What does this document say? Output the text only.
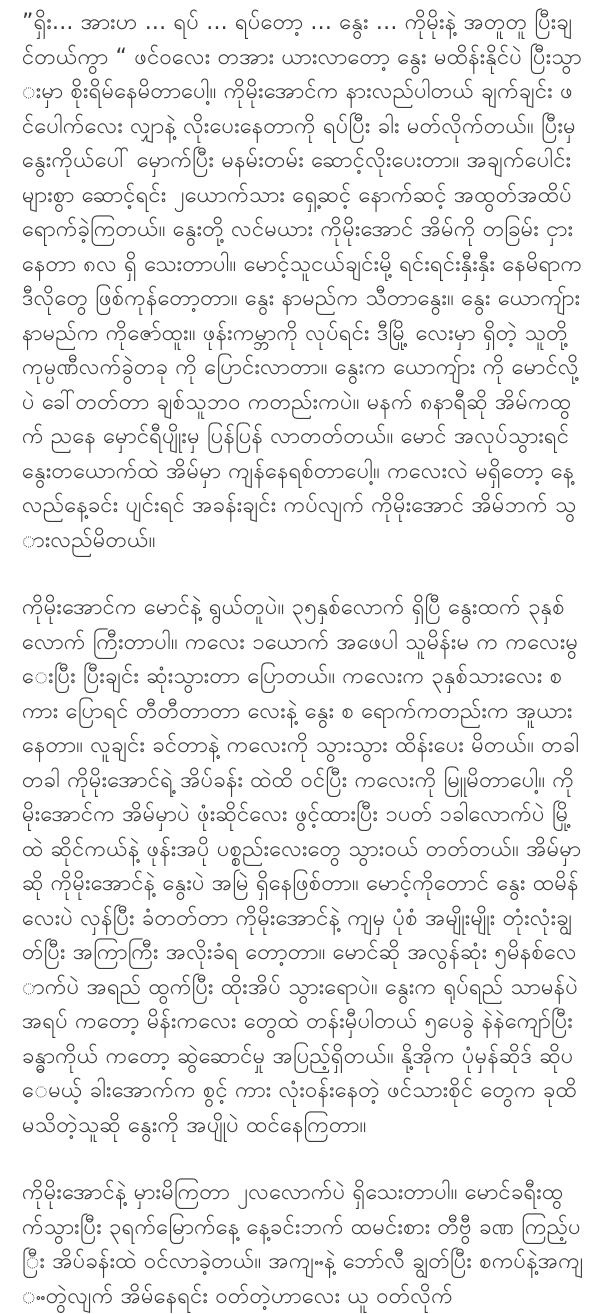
”ရှိး... အားဟ ... ရပ် ... ရပ်တော့ ... နွေး ... ကိုမိုးနဲ့ အတူတူ ပြီးချင်တယ်ကွာ “ ဖင်ဝလေး တအား ယားလာတော့ နွေး မထိန်းနိုင်ပဲ ပြီးသွားမှာ စိုးရိမ်နေမိတာပေါ့။ ကိုမိုးအောင်က နားလည်ပါတယ် ချက်ချင်း ဖင်ပေါက်လေး လျှာနဲ့ လိုးပေးနေတာကို ရပ်ပြီး ခါး မတ်လိုက်တယ်။ ပြီးမှ နွေးကိုယ်ပေါ် မှောက်ပြီး မနမ်းတမ်း ဆောင့်လိုးပေးတာ။ အချက်ပေါင်း များစွာ ဆောင့်ရင်း ၂ယောက်သား ရှေ့ဆင့် နောက်ဆင့် အထွတ်အထိပ် ရောက်ခဲ့ကြတယ်။ နွေးတို့ လင်မယား ကိုမိုးအောင် အိမ်ကို တခြမ်း ငှားနေတာ ၈လ ရှိ သေးတာပါ။ မောင့်သူငယ်ချင်းမို့ ရင်းရင်းနှီးနှီး နေမိရာက ဒီလိုတွေ ဖြစ်ကုန်တော့တာ။ နွေး နာမည်က သီတာနွေး။ နွေး ယောကျ်ား နာမည်က ကိုဇော်ထူး။ ဖုန်းကမ္ဘာကို လုပ်ရင်း ဒီမြို့ လေးမှာ ရှိတဲ့ သူတို့ ကုမ္ပဏီလက်ခွဲတခု ကို ပြောင်းလာတာ။ နွေးက ယောကျ်ား ကို မောင်လို့ပဲ ခေါ်တတ်တာ ချစ်သူဘဝ ကတည်းကပဲ။ မနက် ၈နာရီဆို အိမ်ကထွက် ညနေ မှောင်ရီပျိုးမှ ပြန်ပြန် လာတတ်တယ်။ မောင် အလုပ်သွားရင် နွေးတယောက်ထဲ အိမ်မှာ ကျန်နေရစ်တာပေါ့။ ကလေးလဲ မရှိတော့ နေ့လည်နေ့ခင်း ပျင်းရင် အခန်းချင်း ကပ်လျက် ကိုမိုးအောင် အိမ်ဘက် သွားလည်မိတယ်။

ကိုမိုးအောင်က မောင်နဲ့ ရွယ်တူပဲ။ ၃၅နှစ်လောက် ရှိပြီ နွေးထက် ၃နှစ်လောက် ကြီးတာပါ။ ကလေး ၁ယောက် အဖေပါ သူမိန်းမ က ကလေးမွေးပြီး ပြီးချင်း ဆုံးသွားတာ ပြောတယ်။ ကလေးက ၃နှစ်သားလေး စကား ပြောရင် တီတီတာတာ လေးနဲ့ နွေး စ ရောက်ကတည်းက အူယား နေတာ။ လူချင်း ခင်တာနဲ့ ကလေးကို သွားသွား ထိန်းပေး မိတယ်။ တခါတခါ ကိုမိုးအောင်ရဲ့ အိပ်ခန်း ထဲထိ ဝင်ပြီး ကလေးကို မြူမိတာပေါ့။ ကိုမိုးအောင်က အိမ်မှာပဲ ဖုံးဆိုင်လေး ဖွင့်ထားပြီး ၁ပတ် ၁ခါလောက်ပဲ မြို့ထဲ ဆိုင်ကယ်နဲ့ ဖုန်းအပို ပစ္စည်းလေးတွေ သွားဝယ် တတ်တယ်။ အိမ်မှာဆို ကိုမိုးအောင်နဲ့ နွေးပဲ အမြဲ ရှိနေဖြစ်တာ။ မောင့်ကိုတောင် နွေး ထမိန် လေးပဲ လှန်ပြီး ခံတတ်တာ ကိုမိုးအောင်နဲ့ ကျမှ ပုံစံ အမျိုးမျိုး တုံးလုံးချွတ်ပြီး အကြာကြီး အလိုးခံရ တော့တာ။ မောင်ဆို အလွန်ဆုံး ၅မိနစ်လောက်ပဲ အရည် ထွက်ပြီး ထိုးအိပ် သွားရောပဲ။ နွေးက ရုပ်ရည် သာမန်ပဲ အရပ် ကတော့ မိန်းကလေး တွေထဲ တန်းမှီပါတယ် ၅ပေခွဲ နဲနဲကျော်ပြီး ခန္ဓာကိုယ် ကတော့ ဆွဲဆောင်မှု အပြည့်ရှိတယ်။ နို့အိုက ပုံမှန်ဆိုဒ် ဆိုပေမယ့် ခါးအောက်က စွင့် ကား လုံးဝန်းနေတဲ့ ဖင်သားစိုင် တွေက ခုထိ မသိတဲ့သူဆို နွေးကို အပျိုပဲ ထင်နေကြတာ။

ကိုမိုးအောင်နဲ့ မှားမိကြတာ ၂လလောက်ပဲ ရှိသေးတာပါ။ မောင်ခရီးထွက်သွားပြီး ၃ရက်မြောက်နေ့ နေ့ခင်းဘက် ထမင်းစား တီဗွီ ခဏ ကြည့်ပြီး အိပ်ခန်းထဲ ဝင်လာခဲ့တယ်။ အကျႌနဲ့ ဘော်လီ ချွတ်ပြီး စကပ်နဲ့အကျႌတွဲလျက် အိမ်နေရင်း ဝတ်တဲ့ဟာလေး ယူ ဝတ်လိုက်
